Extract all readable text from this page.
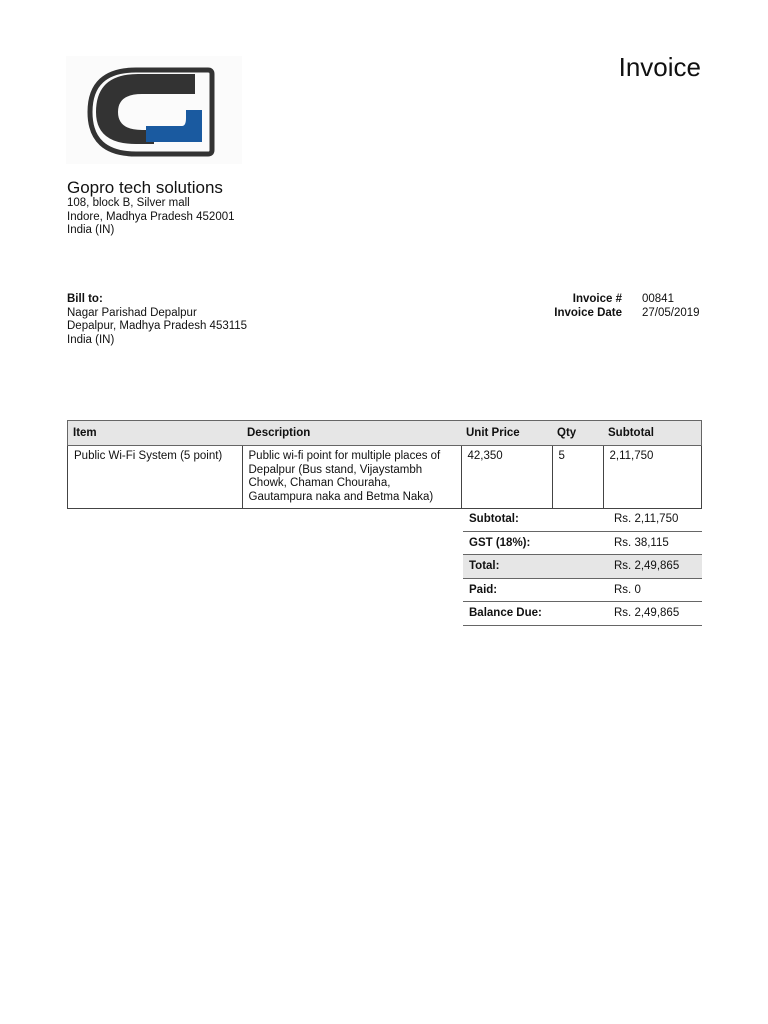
Invoice
Gopro tech solutions
108, block B, Silver mall
Indore, Madhya Pradesh 452001
India (IN)
Bill to:
Nagar Parishad Depalpur
Depalpur, Madhya Pradesh 453115
India (IN)
Invoice #	00841
Invoice Date	27/05/2019
Item	Description	Unit Price	Qty	Subtotal
Public Wi-Fi System (5 point)	Public wi-fi point for multiple places of Depalpur (Bus stand, Vijaystambh Chowk, Chaman Chouraha, Gautampura naka and Betma Naka)	42,350	5	2,11,750
Subtotal:	Rs. 2,11,750
GST (18%):	Rs. 38,115
Total:	Rs. 2,49,865
Paid:	Rs. 0
Balance Due:	Rs. 2,49,865
